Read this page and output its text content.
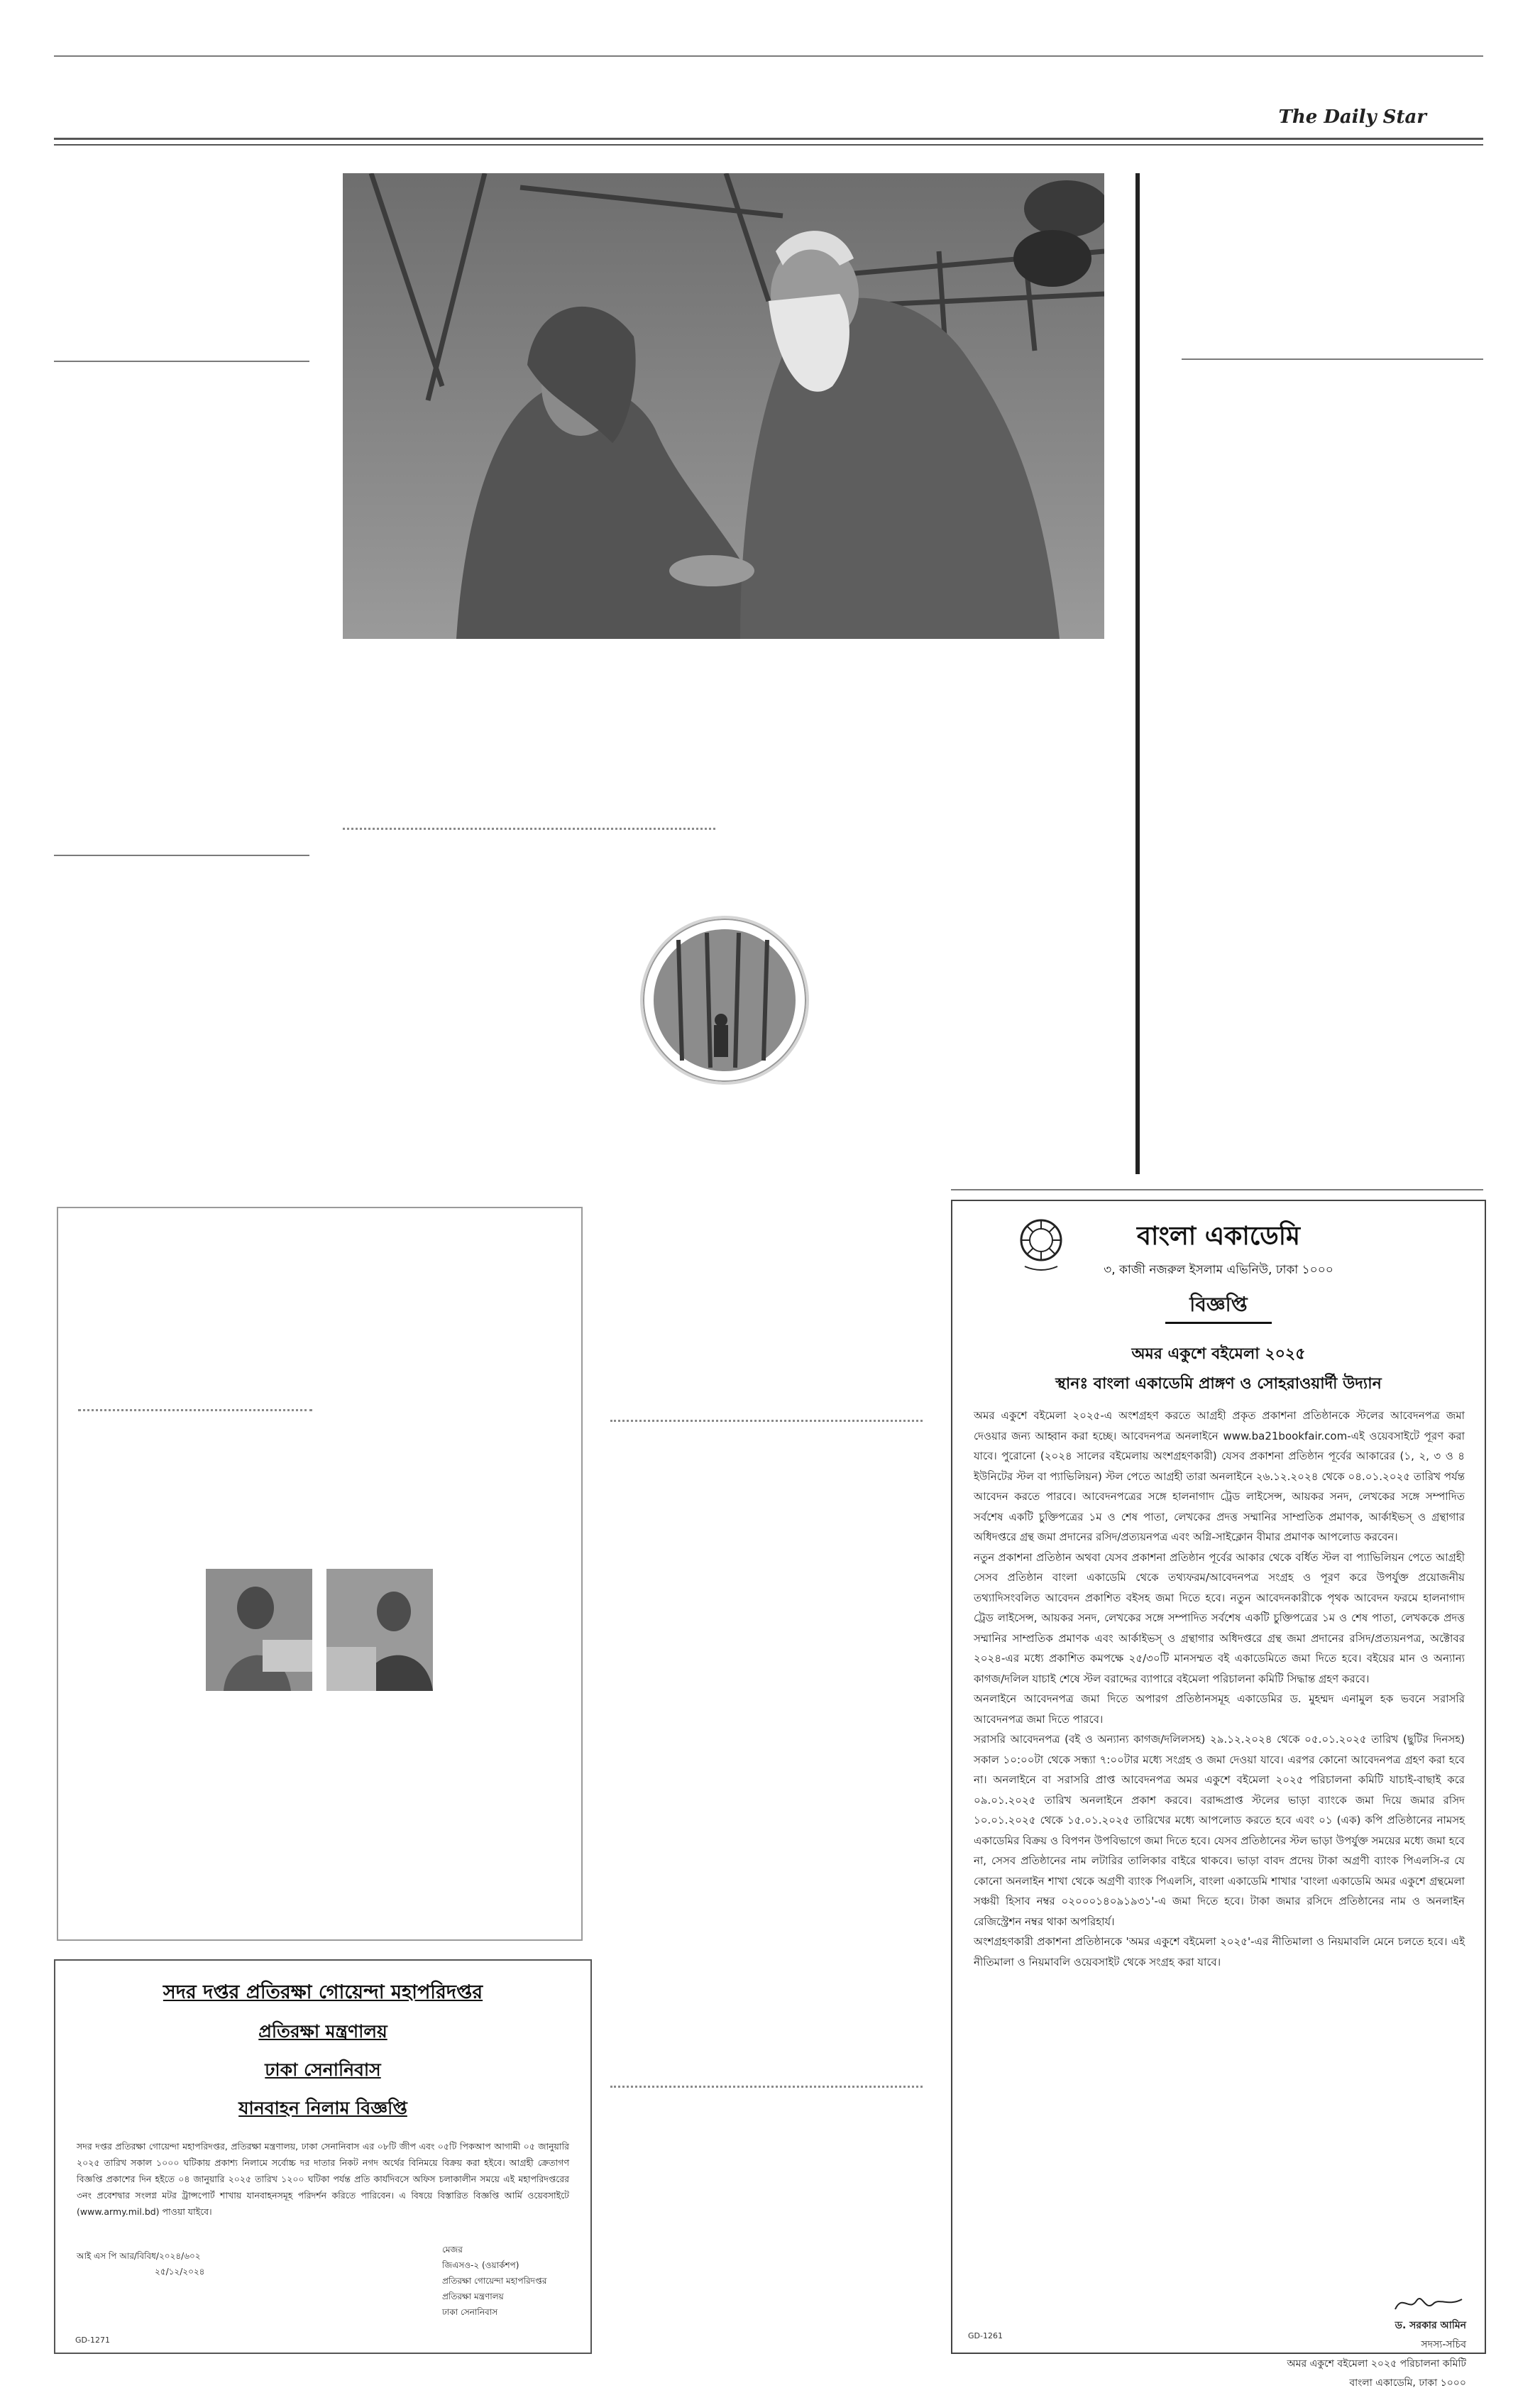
The Daily Star
সদর দপ্তর প্রতিরক্ষা গোয়েন্দা মহাপরিদপ্তর
প্রতিরক্ষা মন্ত্রণালয়
ঢাকা সেনানিবাস
যানবাহন নিলাম বিজ্ঞপ্তি
সদর দপ্তর প্রতিরক্ষা গোয়েন্দা মহাপরিদপ্তর, প্রতিরক্ষা মন্ত্রণালয়, ঢাকা সেনানিবাস এর ০৮টি জীপ এবং ০৫টি পিকআপ আগামী ০৫ জানুয়ারি ২০২৫ তারিখ সকাল ১০০০ ঘটিকায় প্রকাশ্য নিলামে সর্বোচ্চ দর দাতার নিকট নগদ অর্থের বিনিময়ে বিক্রয় করা হইবে। আগ্রহী ক্রেতাগণ বিজ্ঞপ্তি প্রকাশের দিন হইতে ০৪ জানুয়ারি ২০২৫ তারিখ ১২০০ ঘটিকা পর্যন্ত প্রতি কার্যদিবসে অফিস চলাকালীন সময়ে এই মহাপরিদপ্তরের ৩নং প্রবেশদ্বার সংলগ্ন মটর ট্রান্সপোর্ট শাখায় যানবাহনসমূহ পরিদর্শন করিতে পারিবেন। এ বিষয়ে বিস্তারিত বিজ্ঞপ্তি আর্মি ওয়েবসাইটে (www.army.mil.bd) পাওয়া যাইবে।
আই এস পি আর/বিবিধ/২০২৪/৬০২
২৫/১২/২০২৪
মেজর
জিএসও-২ (ওয়ার্কশপ)
প্রতিরক্ষা গোয়েন্দা মহাপরিদপ্তর
প্রতিরক্ষা মন্ত্রণালয়
ঢাকা সেনানিবাস
GD-1271
বাংলা একাডেমি
৩, কাজী নজরুল ইসলাম এভিনিউ, ঢাকা ১০০০
বিজ্ঞপ্তি
অমর একুশে বইমেলা ২০২৫
স্থানঃ বাংলা একাডেমি প্রাঙ্গণ ও সোহরাওয়ার্দী উদ্যান

অমর একুশে বইমেলা ২০২৫-এ অংশগ্রহণ করতে আগ্রহী প্রকৃত প্রকাশনা প্রতিষ্ঠানকে স্টলের আবেদনপত্র জমা দেওয়ার জন্য আহ্বান করা হচ্ছে। আবেদনপত্র অনলাইনে www.ba21bookfair.com-এই ওয়েবসাইটে পূরণ করা যাবে। পুরোনো (২০২৪ সালের বইমেলায় অংশগ্রহণকারী) যেসব প্রকাশনা প্রতিষ্ঠান পূর্বের আকারের (১, ২, ৩ ও ৪ ইউনিটের স্টল বা প্যাভিলিয়ন) স্টল পেতে আগ্রহী তারা অনলাইনে ২৬.১২.২০২৪ থেকে ০৪.০১.২০২৫ তারিখ পর্যন্ত আবেদন করতে পারবে। আবেদনপত্রের সঙ্গে হালনাগাদ ট্রেড লাইসেন্স, আয়কর সনদ, লেখকের সঙ্গে সম্পাদিত সর্বশেষ একটি চুক্তিপত্রের ১ম ও শেষ পাতা, লেখকের প্রদত্ত সম্মানির সাম্প্রতিক প্রমাণক, আর্কাইভস্‌ ও গ্রন্থাগার অধিদপ্তরে গ্রন্থ জমা প্রদানের রসিদ/প্রত্যয়নপত্র এবং অগ্নি-সাইক্লোন বীমার প্রমাণক আপলোড করবেন।

নতুন প্রকাশনা প্রতিষ্ঠান অথবা যেসব প্রকাশনা প্রতিষ্ঠান পূর্বের আকার থেকে বর্ধিত স্টল বা প্যাভিলিয়ন পেতে আগ্রহী সেসব প্রতিষ্ঠান বাংলা একাডেমি থেকে তথ্যফরম/আবেদনপত্র সংগ্রহ ও পূরণ করে উপর্যুক্ত প্রয়োজনীয় তথ্যাদিসংবলিত আবেদন প্রকাশিত বইসহ জমা দিতে হবে। নতুন আবেদনকারীকে পৃথক আবেদন ফরমে হালনাগাদ ট্রেড লাইসেন্স, আয়কর সনদ, লেখকের সঙ্গে সম্পাদিত সর্বশেষ একটি চুক্তিপত্রের ১ম ও শেষ পাতা, লেখককে প্রদত্ত সম্মানির সাম্প্রতিক প্রমাণক এবং আর্কাইভস্‌ ও গ্রন্থাগার অধিদপ্তরে গ্রন্থ জমা প্রদানের রসিদ/প্রত্যয়নপত্র, অক্টোবর ২০২৪-এর মধ্যে প্রকাশিত কমপক্ষে ২৫/৩০টি মানসম্মত বই একাডেমিতে জমা দিতে হবে। বইয়ের মান ও অন্যান্য কাগজ/দলিল যাচাই শেষে স্টল বরাদ্দের ব্যাপারে বইমেলা পরিচালনা কমিটি সিদ্ধান্ত গ্রহণ করবে।

অনলাইনে আবেদনপত্র জমা দিতে অপারগ প্রতিষ্ঠানসমূহ একাডেমির ড. মুহম্মদ এনামুল হক ভবনে সরাসরি আবেদনপত্র জমা দিতে পারবে।

সরাসরি আবেদনপত্র (বই ও অন্যান্য কাগজ/দলিলসহ) ২৯.১২.২০২৪ থেকে ০৫.০১.২০২৫ তারিখ (ছুটির দিনসহ) সকাল ১০:০০টা থেকে সন্ধ্যা ৭:০০টার মধ্যে সংগ্রহ ও জমা দেওয়া যাবে। এরপর কোনো আবেদনপত্র গ্রহণ করা হবে না। অনলাইনে বা সরাসরি প্রাপ্ত আবেদনপত্র অমর একুশে বইমেলা ২০২৫ পরিচালনা কমিটি যাচাই-বাছাই করে ০৯.০১.২০২৫ তারিখ অনলাইনে প্রকাশ করবে। বরাদ্দপ্রাপ্ত স্টলের ভাড়া ব্যাংকে জমা দিয়ে জমার রসিদ ১০.০১.২০২৫ থেকে ১৫.০১.২০২৫ তারিখের মধ্যে আপলোড করতে হবে এবং ০১ (এক) কপি প্রতিষ্ঠানের নামসহ একাডেমির বিক্রয় ও বিপণন উপবিভাগে জমা দিতে হবে। যেসব প্রতিষ্ঠানের স্টল ভাড়া উপর্যুক্ত সময়ের মধ্যে জমা হবে না, সেসব প্রতিষ্ঠানের নাম লটারির তালিকার বাইরে থাকবে। ভাড়া বাবদ প্রদেয় টাকা অগ্রণী ব্যাংক পিএলসি-র যে কোনো অনলাইন শাখা থেকে অগ্রণী ব্যাংক পিএলসি, বাংলা একাডেমি শাখার 'বাংলা একাডেমি অমর একুশে গ্রন্থমেলা সঞ্চয়ী হিসাব নম্বর ০২০০০১৪০৯১৯৩১'-এ জমা দিতে হবে। টাকা জমার রসিদে প্রতিষ্ঠানের নাম ও অনলাইন রেজিস্ট্রেশন নম্বর থাকা অপরিহার্য।

অংশগ্রহণকারী প্রকাশনা প্রতিষ্ঠানকে 'অমর একুশে বইমেলা ২০২৫'-এর নীতিমালা ও নিয়মাবলি মেনে চলতে হবে। এই নীতিমালা ও নিয়মাবলি ওয়েবসাইট থেকে সংগ্রহ করা যাবে।

ড. সরকার আমিন
সদস্য-সচিব
অমর একুশে বইমেলা ২০২৫ পরিচালনা কমিটি
বাংলা একাডেমি, ঢাকা ১০০০
GD-1261
